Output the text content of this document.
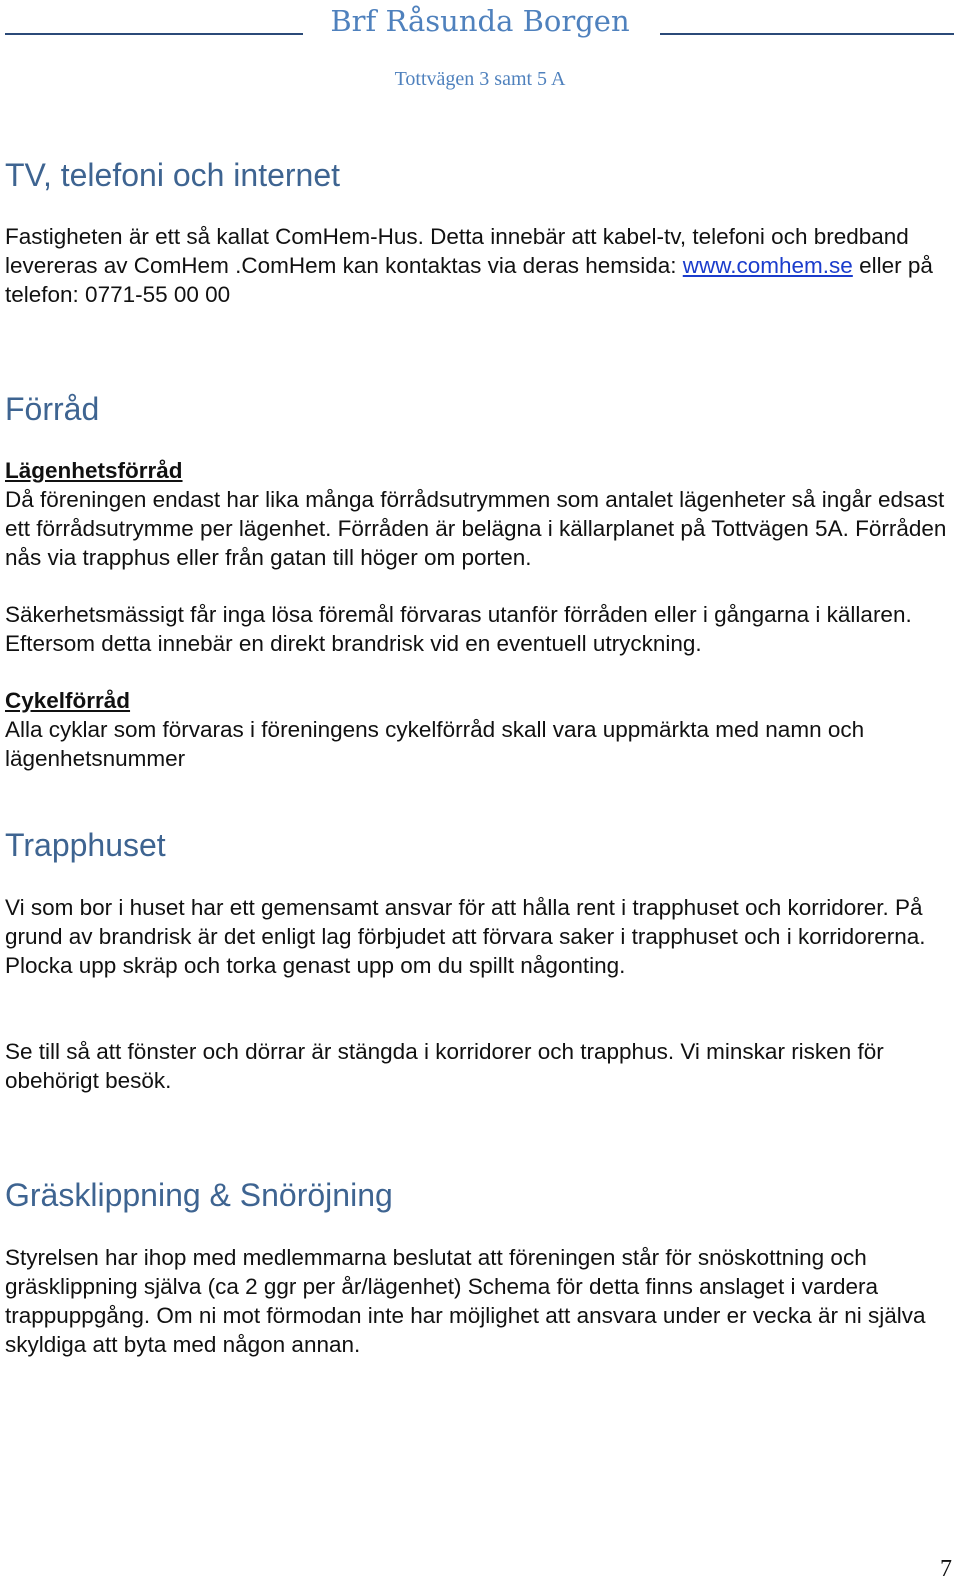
Brf Råsunda Borgen
Tottvägen 3 samt 5 A
TV, telefoni och internet

Fastigheten är ett så kallat ComHem-Hus. Detta innebär att kabel-tv, telefoni och bredband levereras av ComHem .ComHem kan kontaktas via deras hemsida: www.comhem.se eller på telefon: 0771-55 00 00

Förråd

Lägenhetsförråd
Då föreningen endast har lika många förrådsutrymmen som antalet lägenheter så ingår edsast ett förrådsutrymme per lägenhet. Förråden är belägna i källarplanet på Tottvägen 5A. Förråden nås via trapphus eller från gatan till höger om porten.

Säkerhetsmässigt får inga lösa föremål förvaras utanför förråden eller i gångarna i källaren. Eftersom detta innebär en direkt brandrisk vid en eventuell utryckning.

Cykelförråd
Alla cyklar som förvaras i föreningens cykelförråd skall vara uppmärkta med namn och lägenhetsnummer

Trapphuset

Vi som bor i huset har ett gemensamt ansvar för att hålla rent i trapphuset och korridorer. På grund av brandrisk är det enligt lag förbjudet att förvara saker i trapphuset och i korridorerna. Plocka upp skräp och torka genast upp om du spillt någonting.

Se till så att fönster och dörrar är stängda i korridorer och trapphus. Vi minskar risken för obehörigt besök.

Gräsklippning & Snöröjning

Styrelsen har ihop med medlemmarna beslutat att föreningen står för snöskottning och gräsklippning själva (ca 2 ggr per år/lägenhet) Schema för detta finns anslaget i vardera trappuppgång. Om ni mot förmodan inte har möjlighet att ansvara under er vecka är ni själva skyldiga att byta med någon annan.

7
